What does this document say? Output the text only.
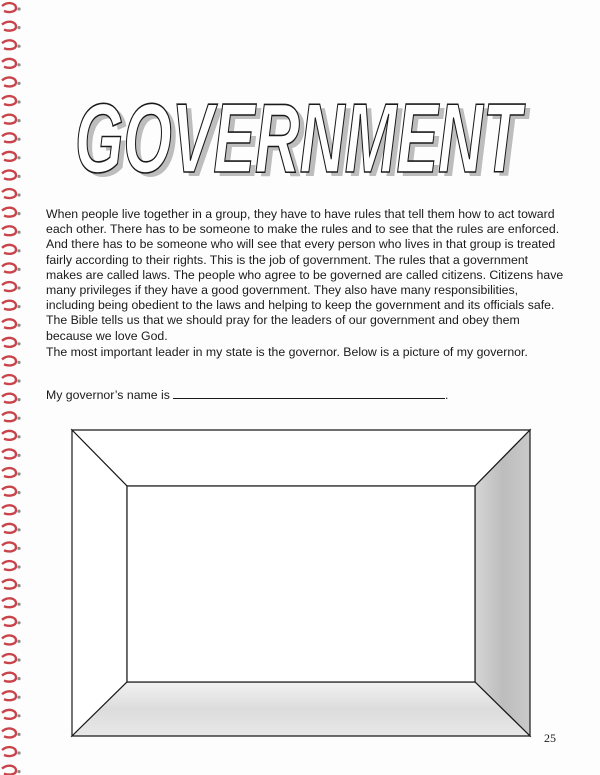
GOVERNMENT
GOVERNMENT

When people live together in a group, they have to have rules that tell them how to act toward each other. There has to be someone to make the rules and to see that the rules are enforced. And there has to be someone who will see that every person who lives in that group is treated fairly according to their rights. This is the job of government. The rules that a government makes are called laws. The people who agree to be governed are called citizens. Citizens have many privileges if they have a good government. They also have many responsibilities, including being obedient to the laws and helping to keep the government and its officials safe. The Bible tells us that we should pray for the leaders of our government and obey them because we love God.

The most important leader in my state is the governor. Below is a picture of my governor.

My governor’s name is	.
25
